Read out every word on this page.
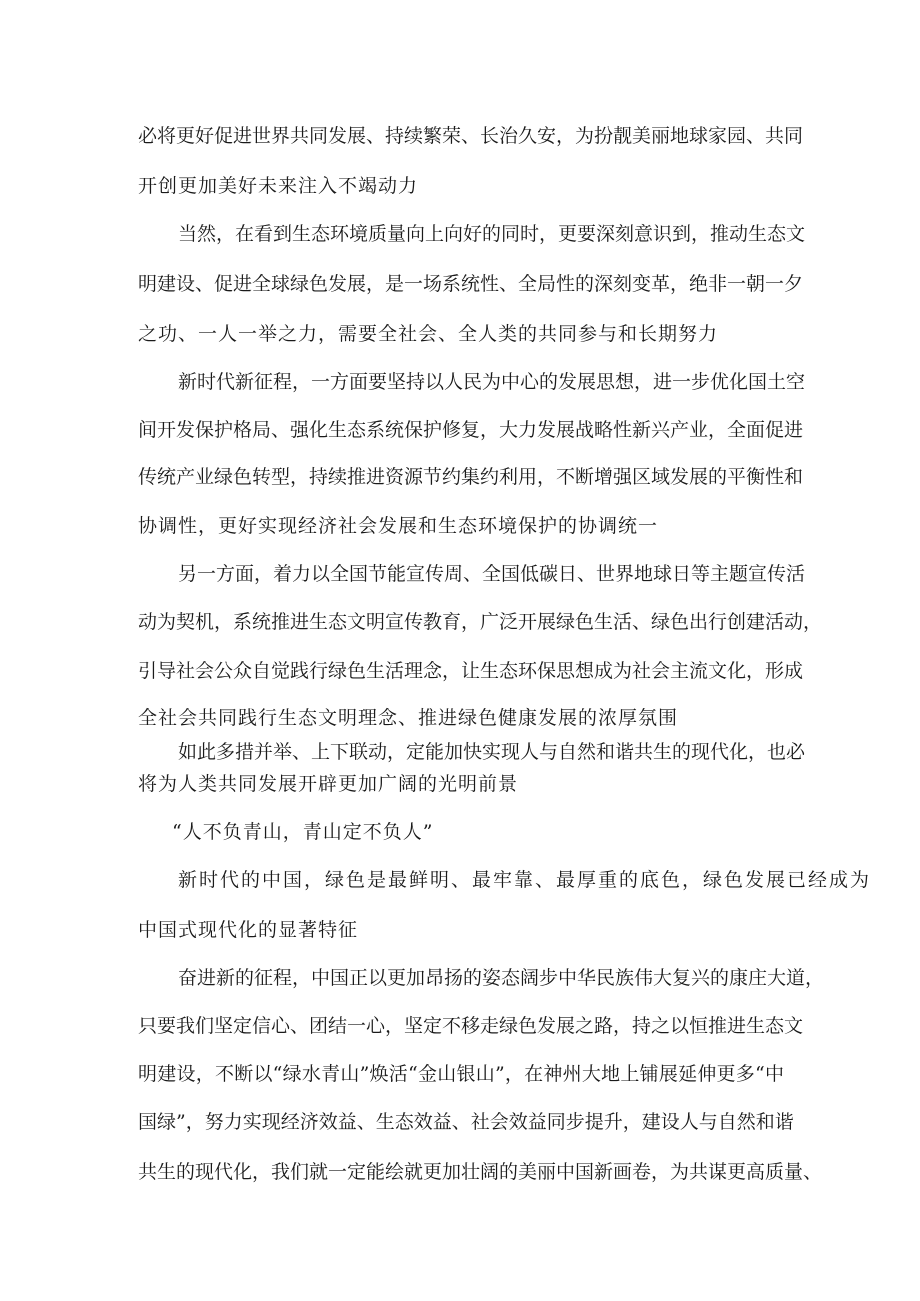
必将更好促进世界共同发展、持续繁荣、长治久安，为扮靓美丽地球家园、共同
开创更加美好未来注入不竭动力
当然，在看到生态环境质量向上向好的同时，更要深刻意识到，推动生态文
明建设、促进全球绿色发展，是一场系统性、全局性的深刻变革，绝非一朝一夕
之功、一人一举之力，需要全社会、全人类的共同参与和长期努力
新时代新征程，一方面要坚持以人民为中心的发展思想，进一步优化国土空
间开发保护格局、强化生态系统保护修复，大力发展战略性新兴产业，全面促进
传统产业绿色转型，持续推进资源节约集约利用，不断增强区域发展的平衡性和
协调性，更好实现经济社会发展和生态环境保护的协调统一
另一方面，着力以全国节能宣传周、全国低碳日、世界地球日等主题宣传活
动为契机，系统推进生态文明宣传教育，广泛开展绿色生活、绿色出行创建活动，
引导社会公众自觉践行绿色生活理念，让生态环保思想成为社会主流文化，形成
全社会共同践行生态文明理念、推进绿色健康发展的浓厚氛围
如此多措并举、上下联动，定能加快实现人与自然和谐共生的现代化，也必
将为人类共同发展开辟更加广阔的光明前景
“人不负青山，青山定不负人”
新时代的中国，绿色是最鲜明、最牢靠、最厚重的底色，绿色发展已经成为
中国式现代化的显著特征
奋进新的征程，中国正以更加昂扬的姿态阔步中华民族伟大复兴的康庄大道，
只要我们坚定信心、团结一心，坚定不移走绿色发展之路，持之以恒推进生态文
明建设，不断以“绿水青山”焕活“金山银山”，在神州大地上铺展延伸更多“中
国绿”，努力实现经济效益、生态效益、社会效益同步提升，建设人与自然和谐
共生的现代化，我们就一定能绘就更加壮阔的美丽中国新画卷，为共谋更高质量、
